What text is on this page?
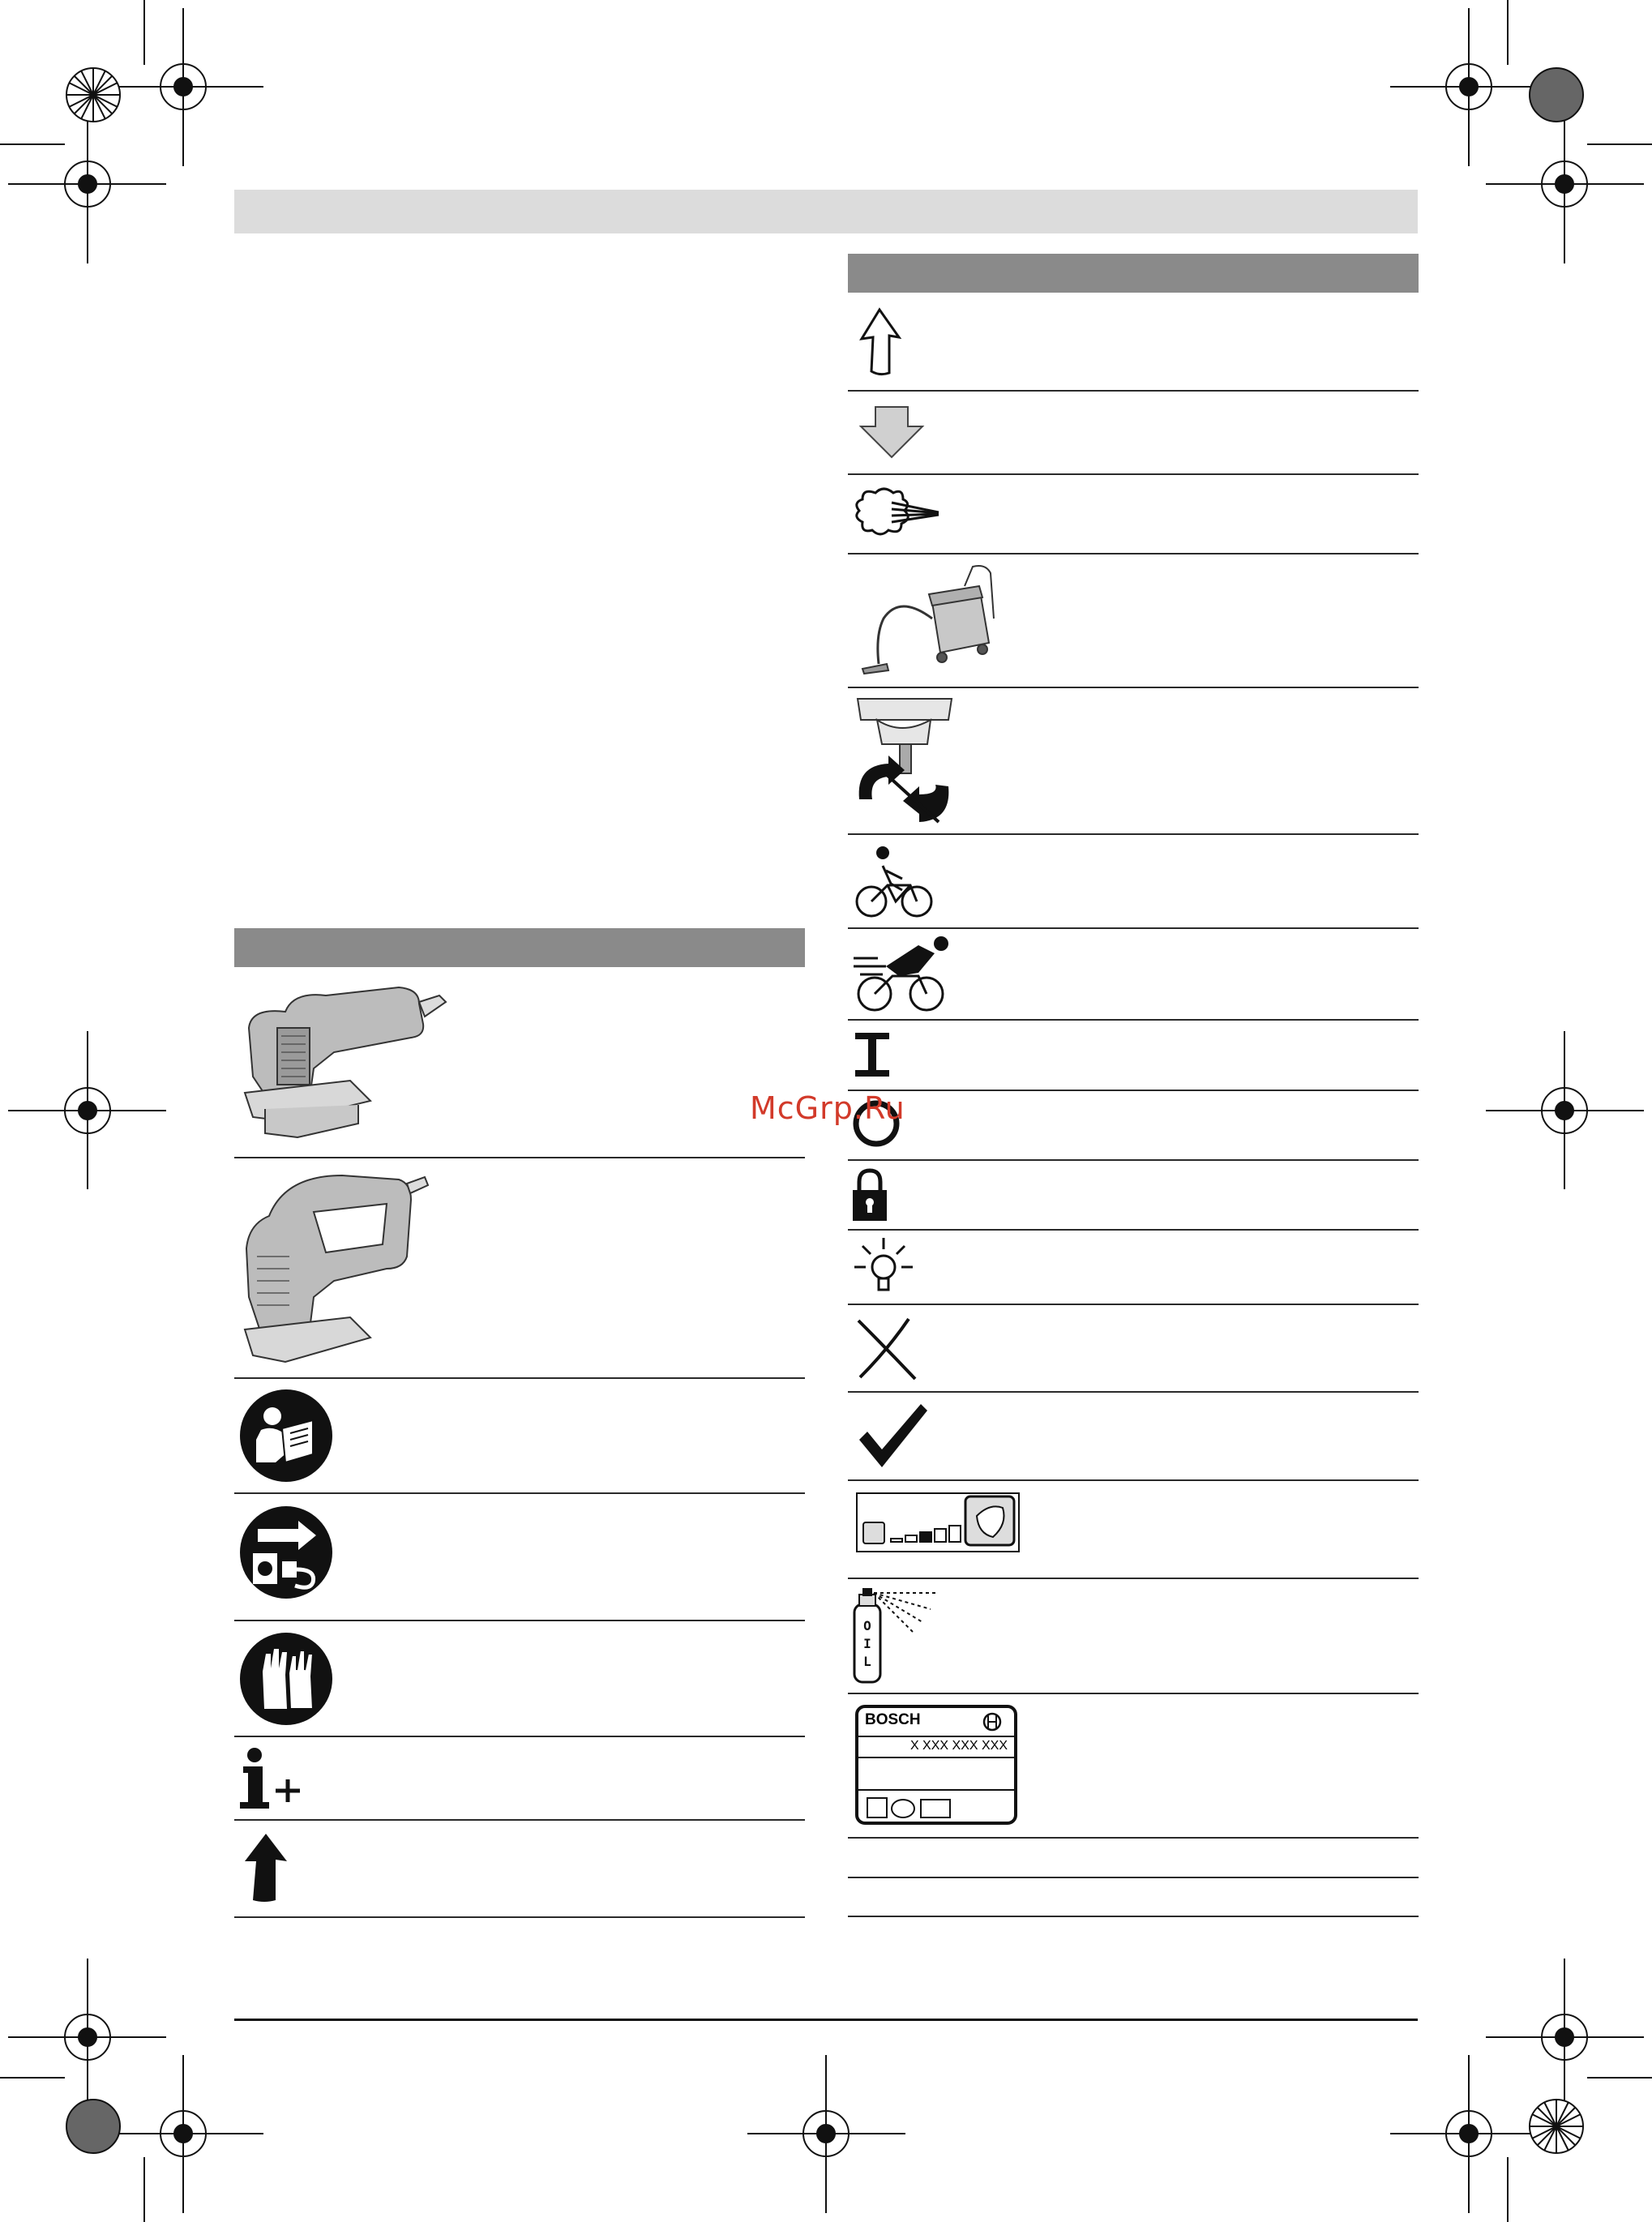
O
I
L
BOSCH
X XXX XXX XXX
McGrp.Ru
